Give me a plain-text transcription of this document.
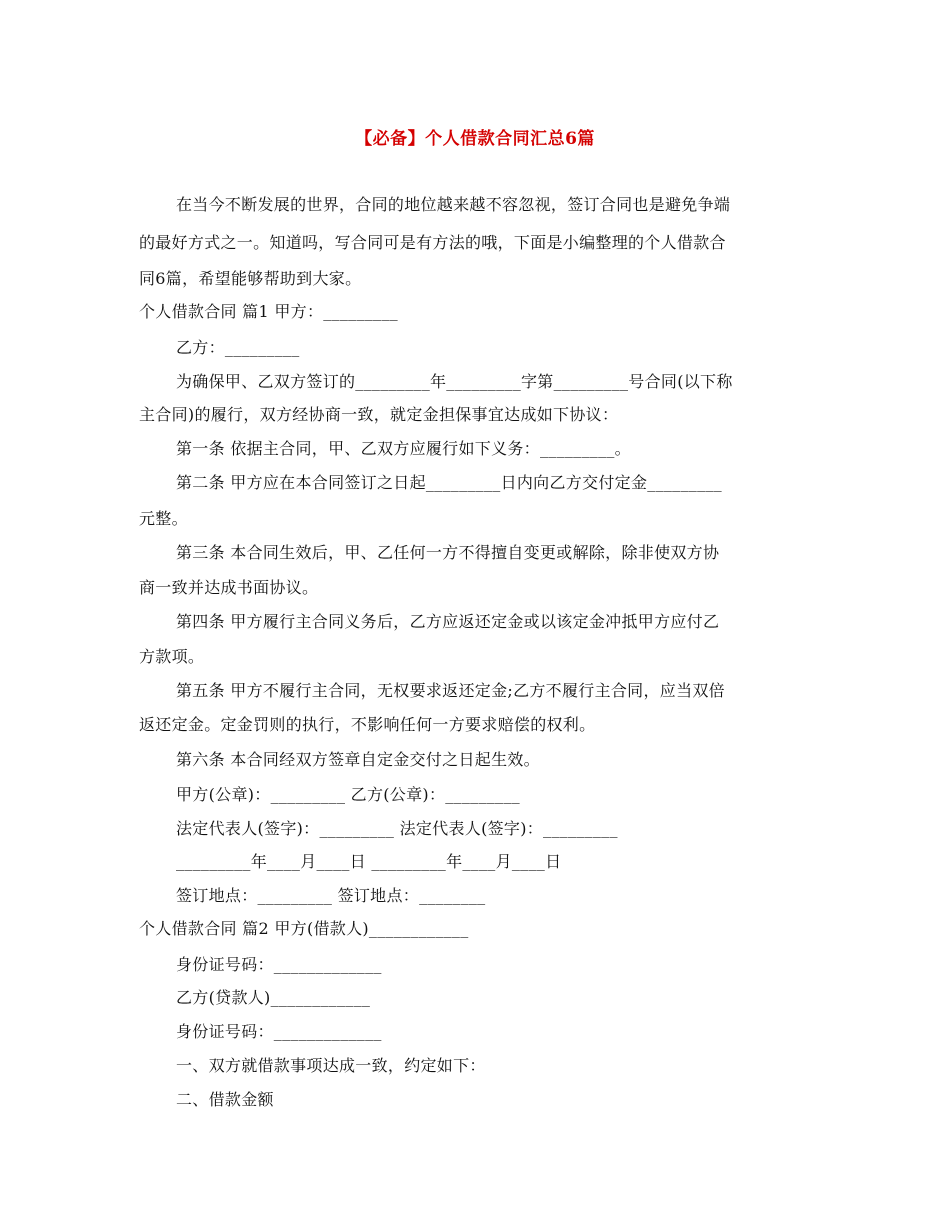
【必备】个人借款合同汇总6篇
在当今不断发展的世界，合同的地位越来越不容忽视，签订合同也是避免争端
的最好方式之一。知道吗，写合同可是有方法的哦，下面是小编整理的个人借款合
同6篇，希望能够帮助到大家。
个人借款合同 篇1 甲方：_________
乙方：_________
为确保甲、乙双方签订的_________年_________字第_________号合同(以下称
主合同)的履行，双方经协商一致，就定金担保事宜达成如下协议：
第一条 依据主合同，甲、乙双方应履行如下义务：_________。
第二条 甲方应在本合同签订之日起_________日内向乙方交付定金_________
元整。
第三条 本合同生效后，甲、乙任何一方不得擅自变更或解除，除非使双方协
商一致并达成书面协议。
第四条 甲方履行主合同义务后，乙方应返还定金或以该定金冲抵甲方应付乙
方款项。
第五条 甲方不履行主合同，无权要求返还定金;乙方不履行主合同，应当双倍
返还定金。定金罚则的执行，不影响任何一方要求赔偿的权利。
第六条 本合同经双方签章自定金交付之日起生效。
甲方(公章)：_________ 乙方(公章)：_________
法定代表人(签字)：_________ 法定代表人(签字)：_________
_________年____月____日 _________年____月____日
签订地点：_________ 签订地点：________
个人借款合同 篇2 甲方(借款人)____________
身份证号码：_____________
乙方(贷款人)____________
身份证号码：_____________
一、双方就借款事项达成一致，约定如下：
二、借款金额
